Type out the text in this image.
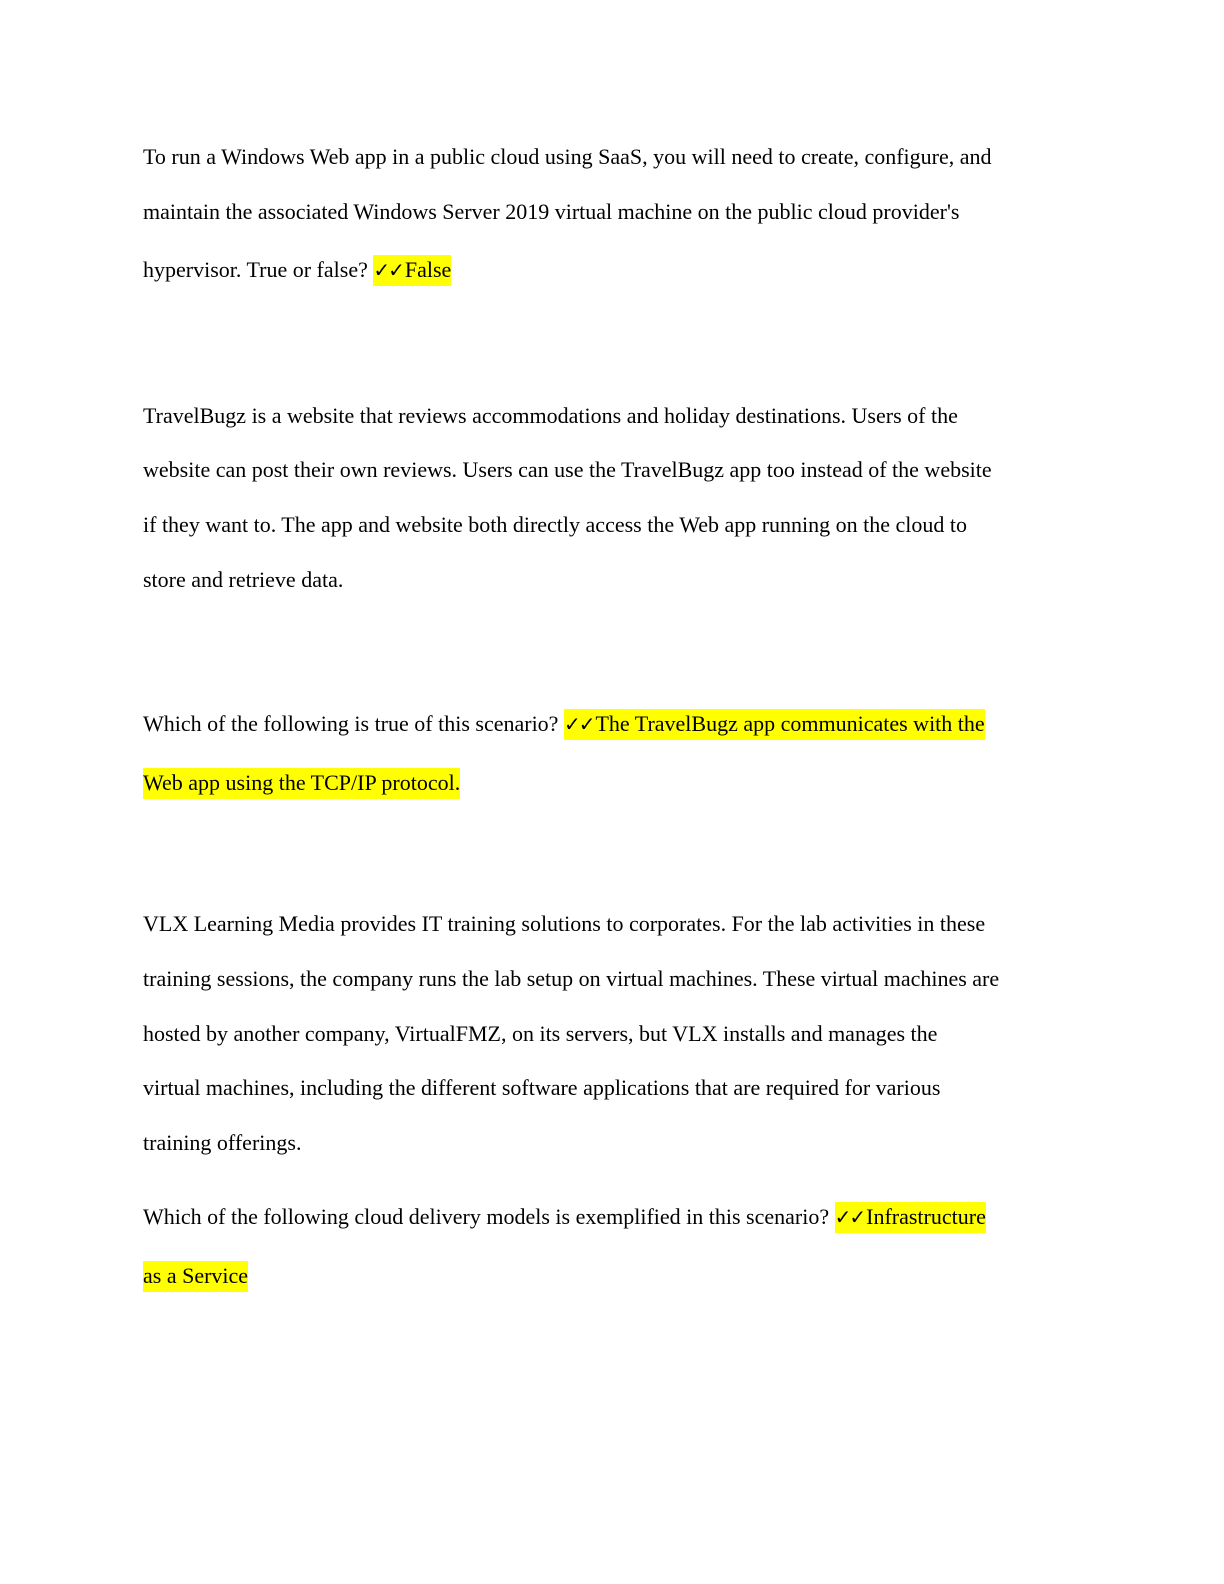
To run a Windows Web app in a public cloud using SaaS, you will need to create, configure, and
maintain the associated Windows Server 2019 virtual machine on the public cloud provider's
hypervisor. True or false? ✓✓False
TravelBugz is a website that reviews accommodations and holiday destinations. Users of the
website can post their own reviews. Users can use the TravelBugz app too instead of the website
if they want to. The app and website both directly access the Web app running on the cloud to
store and retrieve data.
Which of the following is true of this scenario? ✓✓The TravelBugz app communicates with the
Web app using the TCP/IP protocol.
VLX Learning Media provides IT training solutions to corporates. For the lab activities in these
training sessions, the company runs the lab setup on virtual machines. These virtual machines are
hosted by another company, VirtualFMZ, on its servers, but VLX installs and manages the
virtual machines, including the different software applications that are required for various
training offerings.
Which of the following cloud delivery models is exemplified in this scenario? ✓✓Infrastructure
as a Service
